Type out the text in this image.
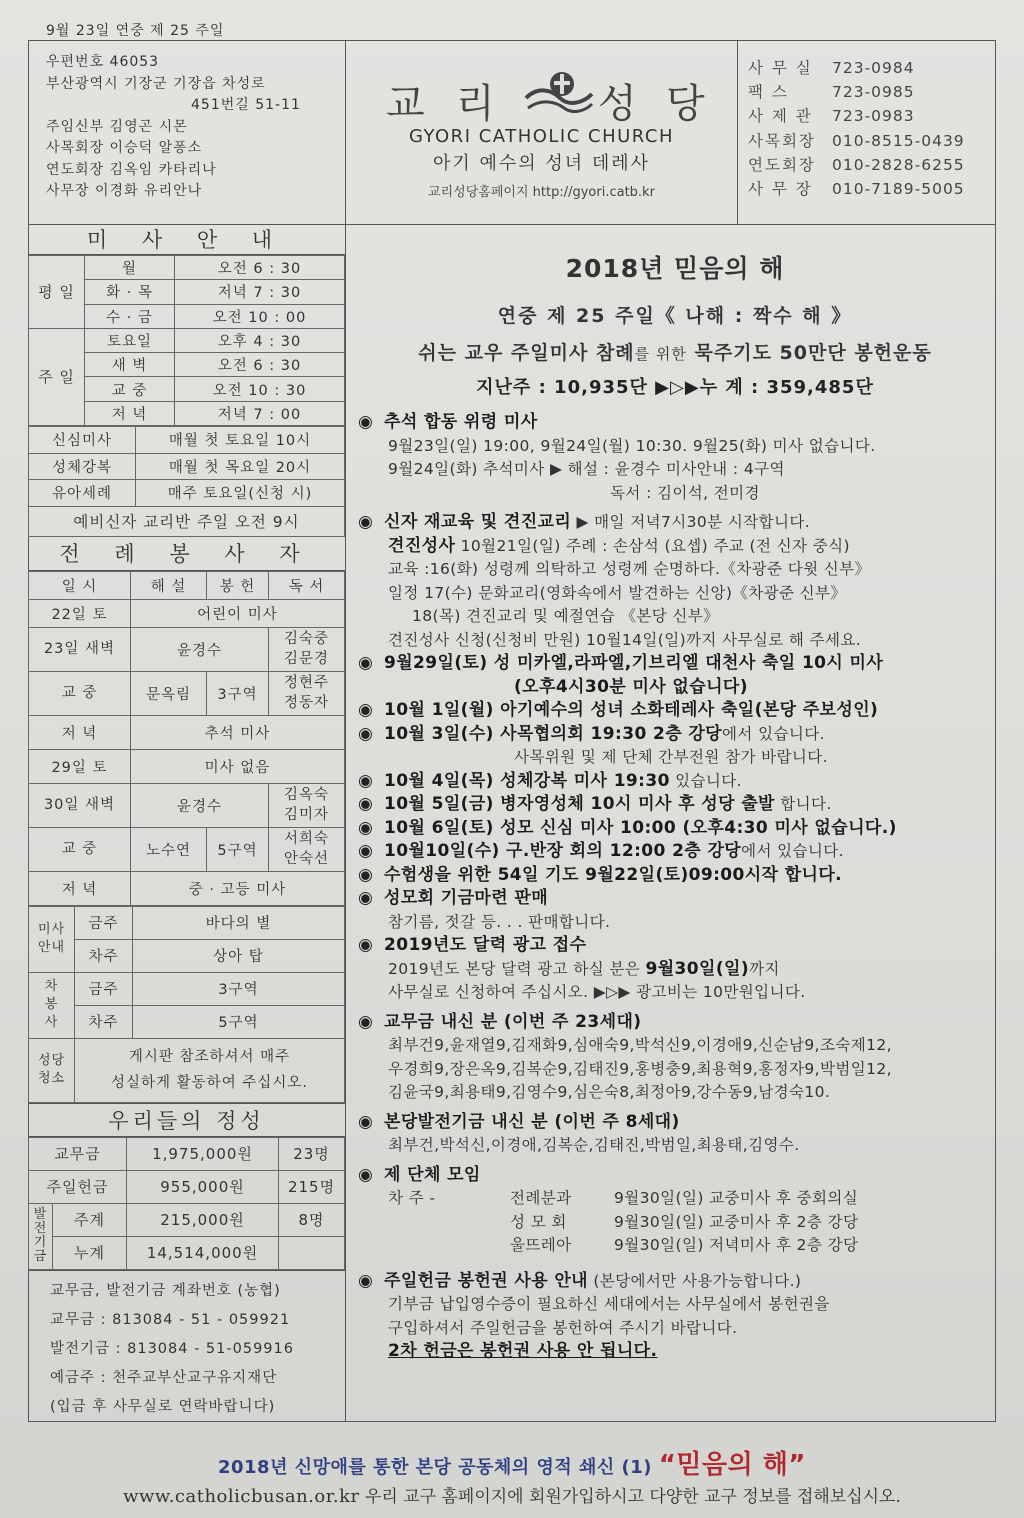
9월 23일 연중 제 25 주일
우편번호 46053
부산광역시 기장군 기장읍 차성로
451번길 51-11
주임신부 김영곤 시몬
사목회장 이승덕 알퐁소
연도회장 김옥임 카타리나
사무장 이경화 유리안나
교 리	성 당
GYORI CATHOLIC CHURCH
아기 예수의 성녀 데레사
교리성당홈페이지 http://gyori.catb.kr
사 무 실	723-0984
팩 스	723-0985
사 제 관	723-0983
사목회장	010-8515-0439
연도회장	010-2828-6255
사 무 장	010-7189-5005
미 사 안 내
평 일	월	오전 6 : 30
	화 · 목	저녁 7 : 30
	수 · 금	오전 10 : 00
주 일	토요일	오후 4 : 30
	새 벽	오전 6 : 30
	교 중	오전 10 : 30
	저 녁	저녁 7 : 00
신심미사	매월 첫 토요일 10시
성체강복	매월 첫 목요일 20시
유아세례	매주 토요일(신청 시)
예비신자 교리반 주일 오전 9시	
전 례 봉 사 자
일 시	해 설	봉 헌	독 서
22일 토	어린이 미사		
23일 새벽	윤경수		김숙중
김문경

교 중	문옥림	3구역	정현주
정동자

저 녁	추석 미사		
29일 토	미사 없음		
30일 새벽	윤경수		김옥숙
김미자

교 중	노수연	5구역	서희숙
안숙선

저 녁	중 · 고등 미사		
미사 안내	금주	바다의 별
	차주	상아 탑
차 봉사	금주	3구역
	차주	5구역
성당 청소	게시판 참조하셔서 매주
성실하게 활동하여 주십시오.	
우리들의 정성
교무금		1,975,000원	23명
주일헌금		955,000원	215명
발 전 기 금	주계	215,000원	8명
	누계	14,514,000원	
교무금, 발전기금 계좌번호 (농협)
교무금 : 813084 - 51 - 059921
발전기금 : 813084 - 51-059916
예금주 : 천주교부산교구유지재단
(입금 후 사무실로 연락바랍니다)
2018년 믿음의 해
연중 제 25 주일《 나해 : 짝수 해 》
쉬는 교우 주일미사 참례를 위한 묵주기도 50만단 봉헌운동
지난주 : 10,935단 ▶▷▶누 계 : 359,485단
◉ 추석 합동 위령 미사
9월23일(일) 19:00, 9월24일(월) 10:30. 9월25(화) 미사 없습니다.
9월24일(화) 추석미사 ▶ 해설 : 윤경수 미사안내 : 4구역
독서 : 김이석, 전미경
◉ 신자 재교육 및 견진교리 ▶ 매일 저녁7시30분 시작합니다.
견진성사 10월21일(일) 주례 : 손삼석 (요셉) 주교 (전 신자 중식)
교육 :16(화) 성령께 의탁하고 성령께 순명하다.《차광준 다윗 신부》
일정 17(수) 문화교리(영화속에서 발견하는 신앙)《차광준 신부》
18(목) 견진교리 및 예절연습 《본당 신부》
견진성사 신청(신청비 만원) 10월14일(일)까지 사무실로 해 주세요.
◉ 9월29일(토) 성 미카엘,라파엘,기브리엘 대천사 축일 10시 미사
(오후4시30분 미사 없습니다)
◉ 10월 1일(월) 아기예수의 성녀 소화테레사 축일(본당 주보성인)
◉ 10월 3일(수) 사목협의회 19:30 2층 강당에서 있습니다.
사목위원 및 제 단체 간부전원 참가 바랍니다.
◉ 10월 4일(목) 성체강복 미사 19:30 있습니다.
◉ 10월 5일(금) 병자영성체 10시 미사 후 성당 출발 합니다.
◉ 10월 6일(토) 성모 신심 미사 10:00 (오후4:30 미사 없습니다.)
◉ 10월10일(수) 구.반장 회의 12:00 2층 강당에서 있습니다.
◉ 수험생을 위한 54일 기도 9월22일(토)09:00시작 합니다.
◉ 성모회 기금마련 판매
참기름, 젓갈 등. . . 판매합니다.
◉ 2019년도 달력 광고 접수
2019년도 본당 달력 광고 하실 분은 9월30일(일)까지
사무실로 신청하여 주십시오. ▶▷▶ 광고비는 10만원입니다.
◉ 교무금 내신 분 (이번 주 23세대)
최부건9,윤재열9,김재화9,심애숙9,박석신9,이경애9,신순남9,조숙제12,
우경희9,장은옥9,김복순9,김태진9,홍병충9,최용혁9,홍정자9,박범일12,
김윤국9,최용태9,김영수9,심은숙8,최정아9,강수동9,남경숙10.
◉ 본당발전기금 내신 분 (이번 주 8세대)
최부건,박석신,이경애,김복순,김태진,박범일,최용태,김영수.
◉ 제 단체 모임
차 주 -	전례분과	9월30일(일) 교중미사 후 중회의실
성 모 회	9월30일(일) 교중미사 후 2층 강당
울뜨레아	9월30일(일) 저녁미사 후 2층 강당
◉ 주일헌금 봉헌권 사용 안내 (본당에서만 사용가능합니다.)
기부금 납입영수증이 필요하신 세대에서는 사무실에서 봉헌권을
구입하셔서 주일헌금을 봉헌하여 주시기 바랍니다.
2차 헌금은 봉헌권 사용 안 됩니다.
2018년 신망애를 통한 본당 공동체의 영적 쇄신 (1) “믿음의 해”
www.catholicbusan.or.kr 우리 교구 홈페이지에 회원가입하시고 다양한 교구 정보를 접해보십시오.
